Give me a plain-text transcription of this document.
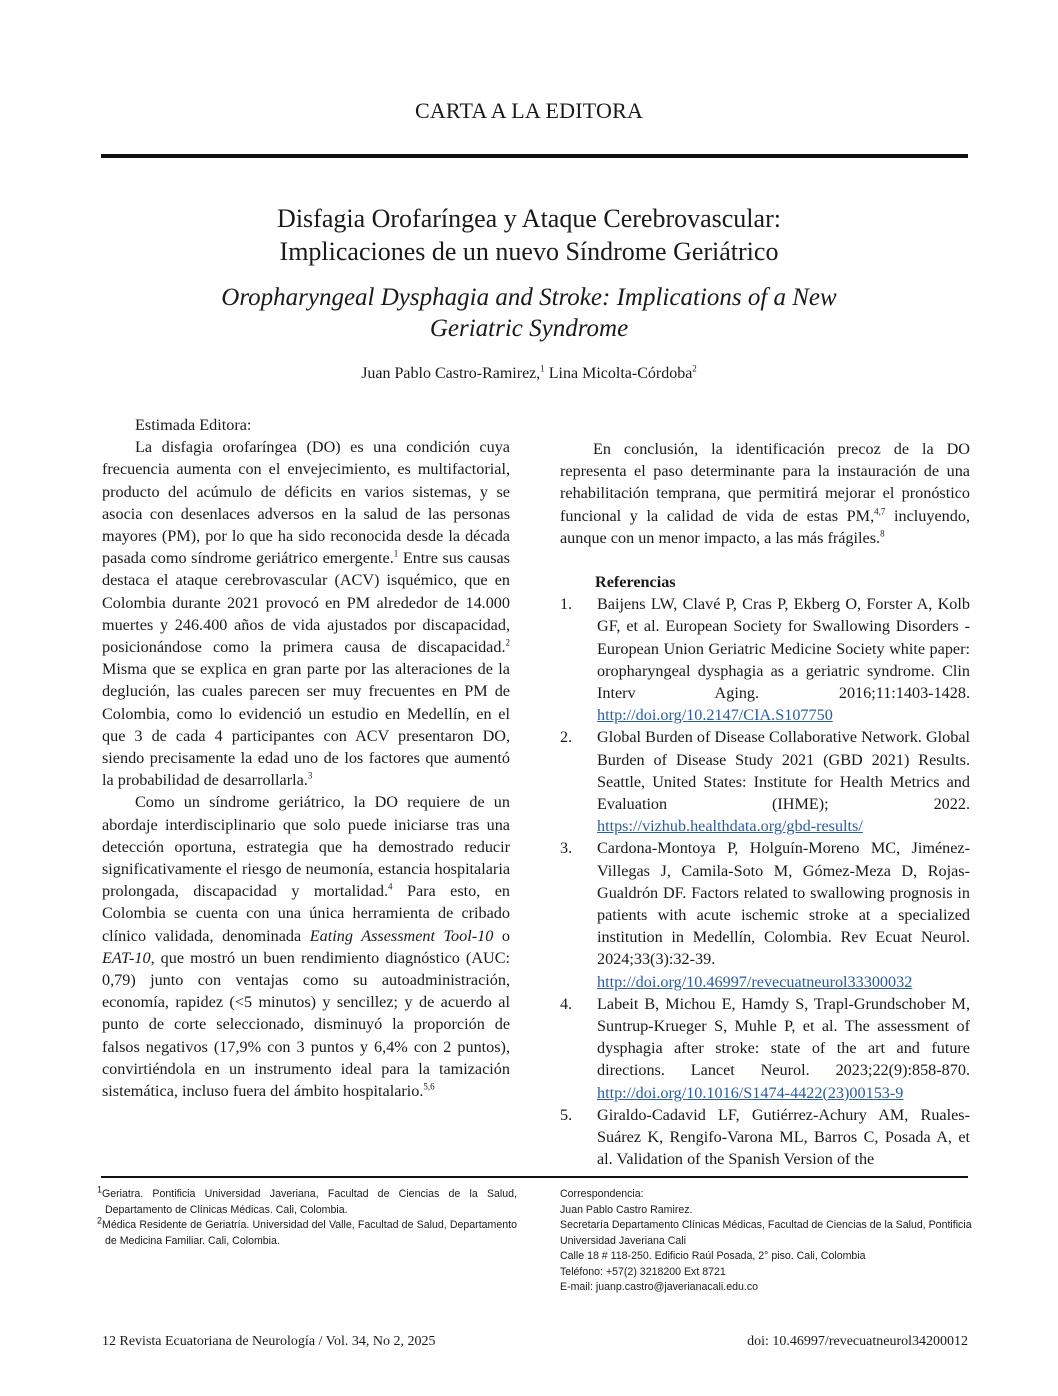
CARTA A LA EDITORA
Disfagia Orofaríngea y Ataque Cerebrovascular:
Implicaciones de un nuevo Síndrome Geriátrico
Oropharyngeal Dysphagia and Stroke: Implications of a New
Geriatric Syndrome
Juan Pablo Castro-Ramirez,$^1$ Lina Micolta-Córdoba$^2$

Estimada Editora:

La disfagia orofaríngea (DO) es una condición cuya frecuencia aumenta con el envejecimiento, es multifactorial, producto del acúmulo de déficits en varios sistemas, y se asocia con desenlaces adversos en la salud de las personas mayores (PM), por lo que ha sido reconocida desde la década pasada como síndrome geriátrico emergente.$^1$ Entre sus causas destaca el ataque cerebrovascular (ACV) isquémico, que en Colombia durante 2021 provocó en PM alrededor de 14.000 muertes y 246.400 años de vida ajustados por discapacidad, posicionándose como la primera causa de discapacidad.$^2$ Misma que se explica en gran parte por las alteraciones de la deglución, las cuales parecen ser muy frecuentes en PM de Colombia, como lo evidenció un estudio en Medellín, en el que 3 de cada 4 participantes con ACV presentaron DO, siendo precisamente la edad uno de los factores que aumentó la probabilidad de desarrollarla.$^3$

Como un síndrome geriátrico, la DO requiere de un abordaje interdisciplinario que solo puede iniciarse tras una detección oportuna, estrategia que ha demostrado reducir significativamente el riesgo de neumonía, estancia hospitalaria prolongada, discapacidad y mortalidad.$^4$ Para esto, en Colombia se cuenta con una única herramienta de cribado clínico validada, denominada Eating Assessment Tool-10 o EAT-10, que mostró un buen rendimiento diagnóstico (AUC: 0,79) junto con ventajas como su autoadministración, economía, rapidez (<5 minutos) y sencillez; y de acuerdo al punto de corte seleccionado, disminuyó la proporción de falsos negativos (17,9% con 3 puntos y 6,4% con 2 puntos), convirtiéndola en un instrumento ideal para la tamización sistemática, incluso fuera del ámbito hospitalario.$^{5,6}$

En conclusión, la identificación precoz de la DO representa el paso determinante para la instauración de una rehabilitación temprana, que permitirá mejorar el pronóstico funcional y la calidad de vida de estas PM,$^{4,7}$ incluyendo, aunque con un menor impacto, a las más frágiles.$^8$

Referencias

1.	Baijens LW, Clavé P, Cras P, Ekberg O, Forster A, Kolb GF, et al. European Society for Swallowing Disorders - European Union Geriatric Medicine Society white paper: oropharyngeal dysphagia as a geriatric syndrome. Clin Interv Aging. 2016;11:1403-1428. http://doi.org/10.2147/CIA.S107750
2.	Global Burden of Disease Collaborative Network. Global Burden of Disease Study 2021 (GBD 2021) Results. Seattle, United States: Institute for Health Metrics and Evaluation (IHME); 2022. https://vizhub.healthdata.org/gbd-results/
3.	Cardona-Montoya P, Holguín-Moreno MC, Jiménez-Villegas J, Camila-Soto M, Gómez-Meza D, Rojas-Gualdrón DF. Factors related to swallowing prognosis in patients with acute ischemic stroke at a specialized institution in Medellín, Colombia. Rev Ecuat Neurol. 2024;33(3):32-39. http://doi.org/10.46997/revecuatneurol33300032
4.	Labeit B, Michou E, Hamdy S, Trapl-Grundschober M, Suntrup-Krueger S, Muhle P, et al. The assessment of dysphagia after stroke: state of the art and future directions. Lancet Neurol. 2023;22(9):858-870. http://doi.org/10.1016/S1474-4422(23)00153-9
5.	Giraldo-Cadavid LF, Gutiérrez-Achury AM, Ruales-Suárez K, Rengifo-Varona ML, Barros C, Posada A, et al. Validation of the Spanish Version of the
$^1$Geriatra. Pontificia Universidad Javeriana, Facultad de Ciencias de la Salud, Departamento de Clínicas Médicas. Cali, Colombia.
$^2$Médica Residente de Geriatría. Universidad del Valle, Facultad de Salud, Departamento de Medicina Familiar. Cali, Colombia.
Correspondencia:
Juan Pablo Castro Ramirez.
Secretaría Departamento Clínicas Médicas, Facultad de Ciencias de la Salud, Pontificia Universidad Javeriana Cali
Calle 18 # 118-250. Edificio Raúl Posada, 2° piso. Cali, Colombia
Teléfono: +57(2) 3218200 Ext 8721
E-mail: juanp.castro@javerianacali.edu.co
12 Revista Ecuatoriana de Neurología / Vol. 34, No 2, 2025	doi: 10.46997/revecuatneurol34200012
